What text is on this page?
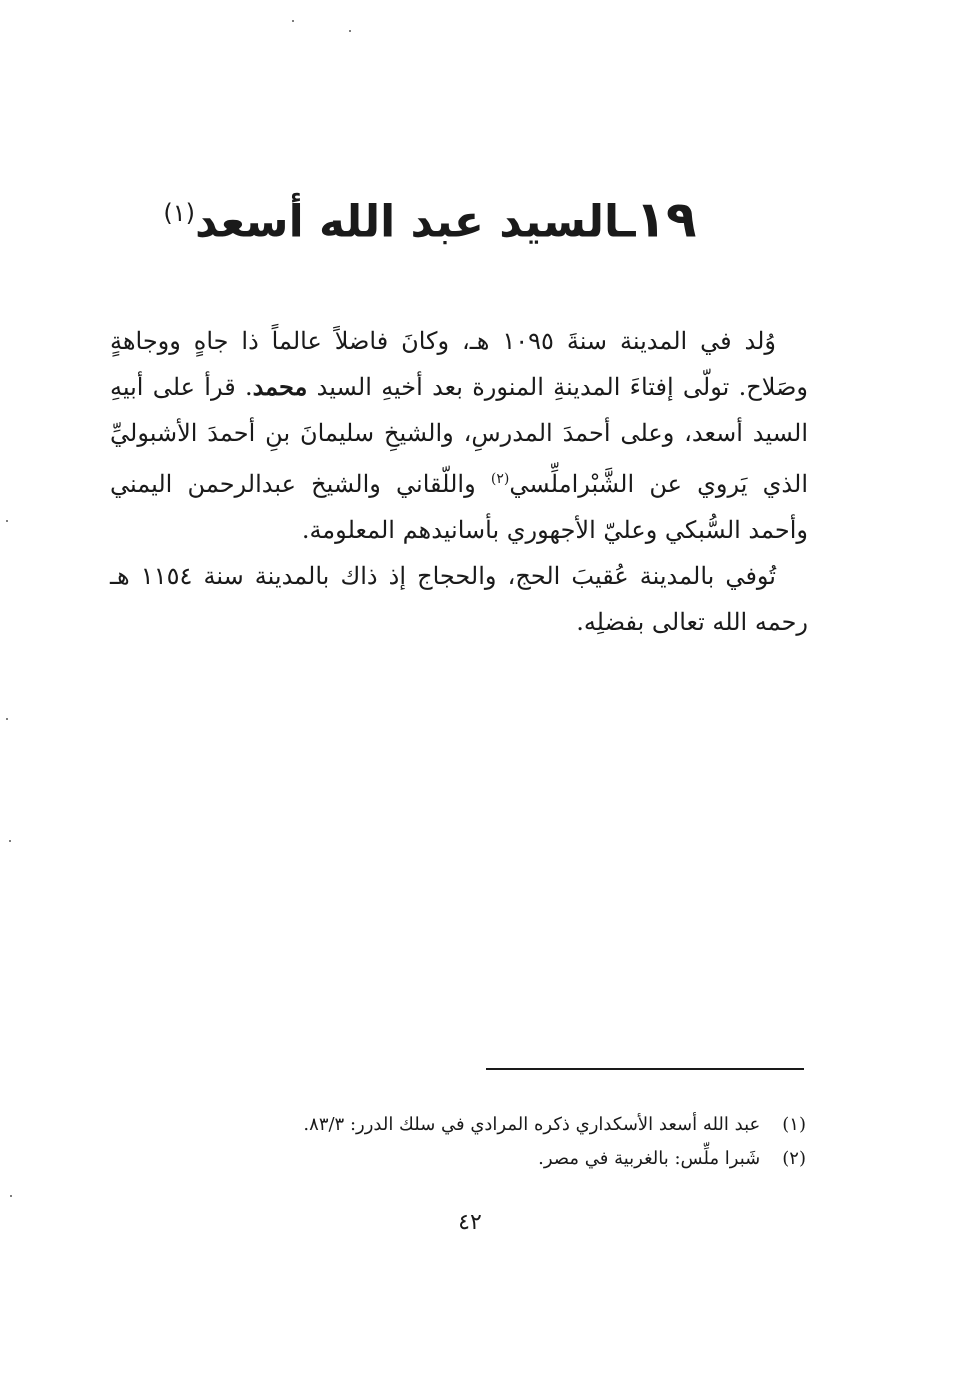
١٩ـالسيد عبد الله أسعد$^{(١)}$

وُلد في المدينة سنةَ ١٠٩٥ هـ، وكانَ فاضلاً عالماً ذا جاهٍ ووجاهةٍ وصَلاح. تولّى إفتاءَ المدينةِ المنورة بعد أخيهِ السيد محمد. قرأ على أبيهِ السيد أسعد، وعلى أحمدَ المدرسِ، والشيخِ سليمانَ بنِ أحمدَ الأشبوليِّ الذي يَروي عن الشَّبْراملِّسي$^{(٢)}$ واللّقاني والشيخ عبدالرحمن اليمني وأحمد السُّبكي وعليّ الأجهوري بأسانيدهم المعلومة.

تُوفي بالمدينة عُقيبَ الحج، والحجاج إذ ذاك بالمدينة سنة ١١٥٤ هـ رحمه الله تعالى بفضلِه.

(١)
عبد الله أسعد الأسكداري ذكره المرادي في سلك الدرر: ٨٣/٣.
(٢)
شَبرا ملِّس: بالغربية في مصر.
٤٢
